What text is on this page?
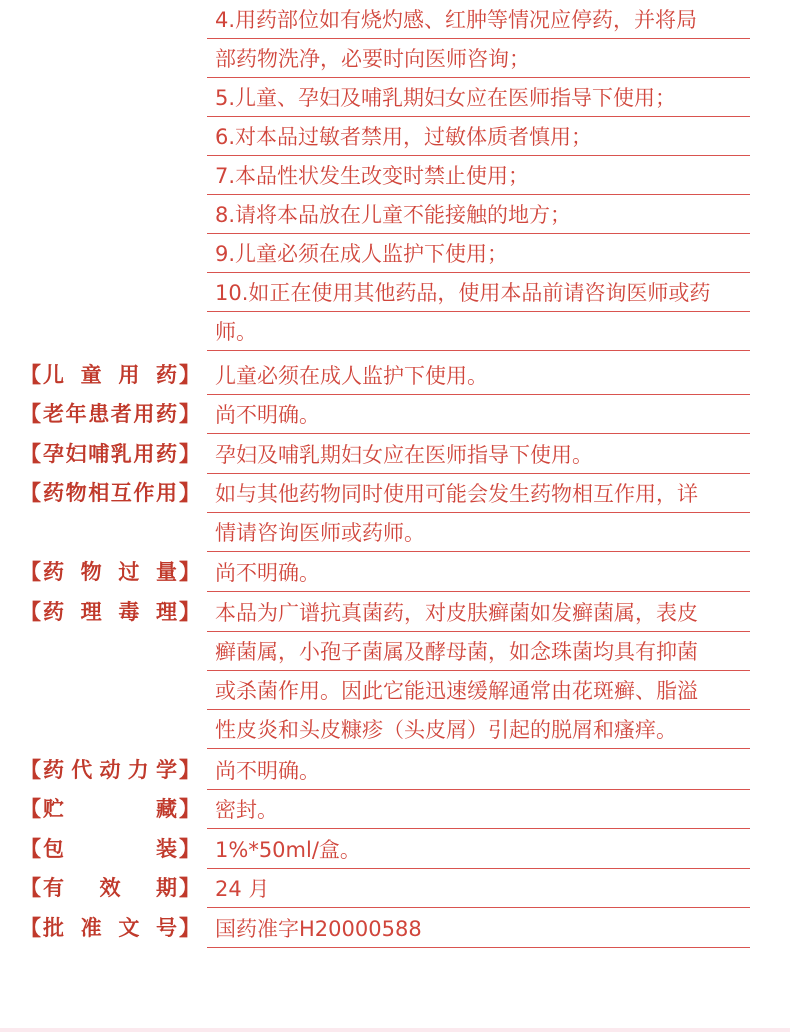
4.用药部位如有烧灼感、红肿等情况应停药，并将局
部药物洗净，必要时向医师咨询；
5.儿童、孕妇及哺乳期妇女应在医师指导下使用；
6.对本品过敏者禁用，过敏体质者慎用；
7.本品性状发生改变时禁止使用；
8.请将本品放在儿童不能接触的地方；
9.儿童必须在成人监护下使用；
10.如正在使用其他药品，使用本品前请咨询医师或药
师。
【 儿 童 用 药 】 儿童必须在成人监护下使用。
【 老 年 患 者 用 药 】 尚不明确。
【 孕 妇 哺 乳 用 药 】 孕妇及哺乳期妇女应在医师指导下使用。
【 药 物 相 互 作 用 】 如与其他药物同时使用可能会发生药物相互作用，详
情请咨询医师或药师。
【 药 物 过 量 】 尚不明确。
【 药 理 毒 理 】 本品为广谱抗真菌药，对皮肤癣菌如发癣菌属，表皮
癣菌属，小孢子菌属及酵母菌，如念珠菌均具有抑菌
或杀菌作用。因此它能迅速缓解通常由花斑癣、脂溢
性皮炎和头皮糠疹（头皮屑）引起的脱屑和瘙痒。
【 药 代 动 力 学 】 尚不明确。
【 贮	藏 】 密封。
【 包	装 】 1%*50ml/盒。
【 有 效 期 】 24 月
【 批 准 文 号 】 国药准字H20000588
